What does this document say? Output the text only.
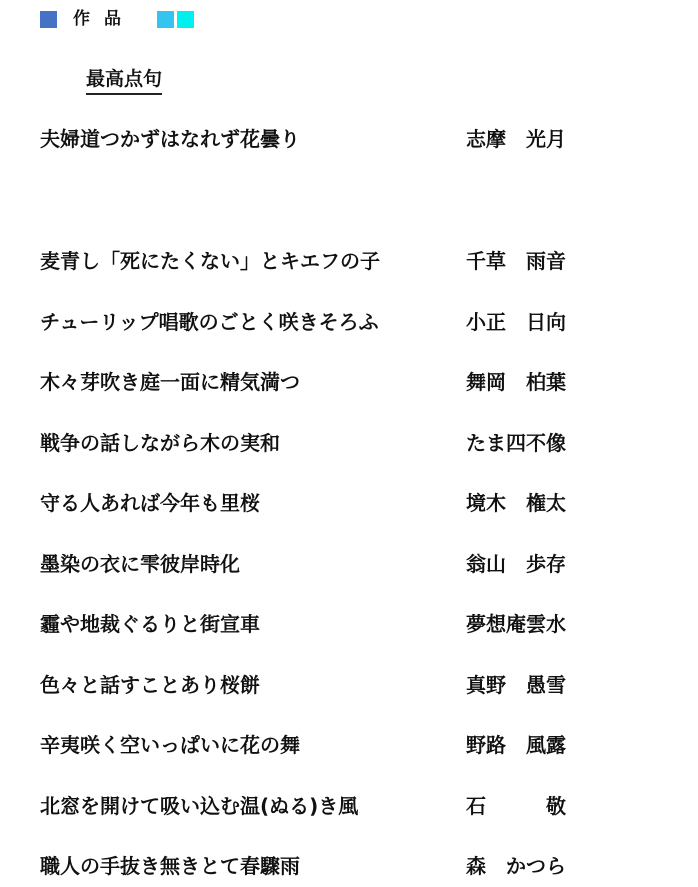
作品
最高点句
夫婦道つかずはなれず花曇り	志摩　光月
麦青し「死にたくない」とキエフの子	千草　雨音
チューリップ唱歌のごとく咲きそろふ	小正　日向
木々芽吹き庭一面に精気満つ	舞岡　柏葉
戦争の話しながら木の実和	たま四不像
守る人あれば今年も里桜	境木　権太
墨染の衣に雫彼岸時化	翁山　歩存
霾や地裁ぐるりと街宣車	夢想庵雲水
色々と話すことあり桜餅	真野　愚雪
辛夷咲く空いっぱいに花の舞	野路　風露
北窓を開けて吸い込む温(ぬる)き風	石　　　敬
職人の手抜き無きとて春驟雨	森　かつら
